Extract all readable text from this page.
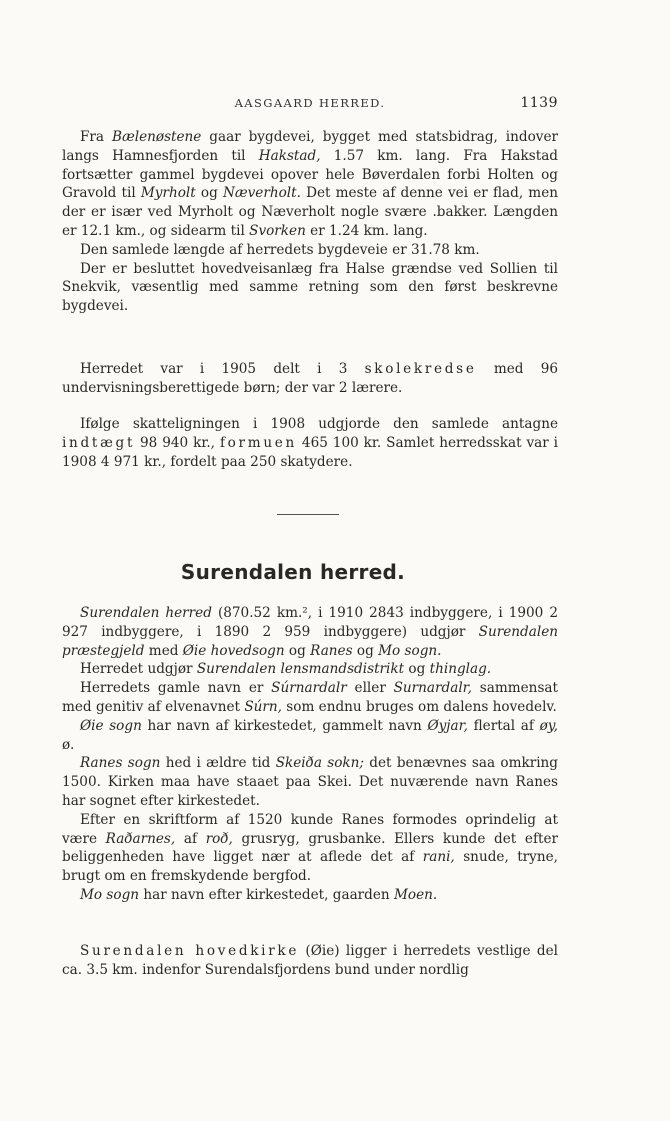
AASGAARD HERRED.	1139

Fra Bælenøstene gaar bygdevei, bygget med statsbidrag, indover langs Hamnesfjorden til Hakstad, 1.57 km. lang. Fra Hakstad fortsætter gammel bygdevei opover hele Bøverdalen forbi Holten og Gravold til Myrholt og Næverholt. Det meste af denne vei er flad, men der er især ved Myrholt og Næverholt nogle svære .bakker. Længden er 12.1 km., og sidearm til Svorken er 1.24 km. lang.

Den samlede længde af herredets bygdeveie er 31.78 km.

Der er besluttet hovedveisanlæg fra Halse grændse ved Sollien til Snekvik, væsentlig med samme retning som den først beskrevne bygdevei.

Herredet var i 1905 delt i 3 skolekredse med 96 undervisningsberettigede børn; der var 2 lærere.

Ifølge skatteligningen i 1908 udgjorde den samlede antagne indtægt 98 940 kr., formuen 465 100 kr. Samlet herredsskat var i 1908 4 971 kr., fordelt paa 250 skatydere.

Surendalen herred.

Surendalen herred (870.52 km.², i 1910 2843 indbyggere, i 1900 2 927 indbyggere, i 1890 2 959 indbyggere) udgjør Surendalen præstegjeld med Øie hovedsogn og Ranes og Mo sogn.

Herredet udgjør Surendalen lensmandsdistrikt og thinglag.

Herredets gamle navn er Súrnardalr eller Surnardalr, sammensat med genitiv af elvenavnet Súrn, som endnu bruges om dalens hovedelv.

Øie sogn har navn af kirkestedet, gammelt navn Øyjar, flertal af øy, ø.

Ranes sogn hed i ældre tid Skeiða sokn; det benævnes saa omkring 1500. Kirken maa have staaet paa Skei. Det nuværende navn Ranes har sognet efter kirkestedet.

Efter en skriftform af 1520 kunde Ranes formodes oprindelig at være Raðarnes, af roð, grusryg, grusbanke. Ellers kunde det efter beliggenheden have ligget nær at aflede det af rani, snude, tryne, brugt om en fremskydende bergfod.

Mo sogn har navn efter kirkestedet, gaarden Moen.

Surendalen hovedkirke (Øie) ligger i herredets vestlige del ca. 3.5 km. indenfor Surendalsfjordens bund under nordlig
